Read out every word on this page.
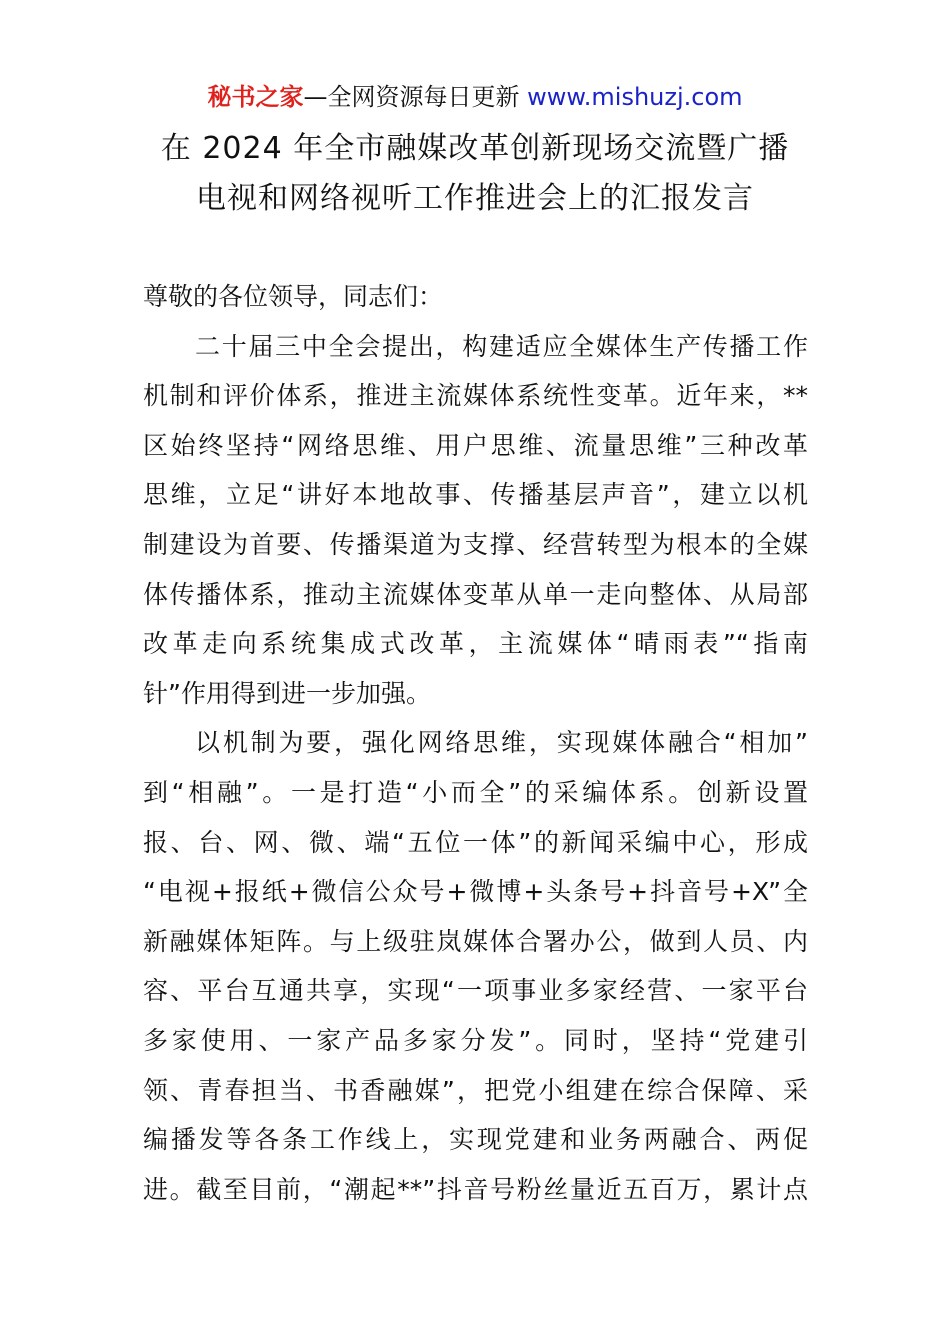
秘书之家—全网资源每日更新 www.mishuzj.com
在 2024 年全市融媒改革创新现场交流暨广播
电视和网络视听工作推进会上的汇报发言
尊敬的各位领导，同志们：
二十届三中全会提出，构建适应全媒体生产传播工作
机制和评价体系，推进主流媒体系统性变革。近年来，**
区始终坚持“网络思维、用户思维、流量思维”三种改革
思维，立足“讲好本地故事、传播基层声音”，建立以机
制建设为首要、传播渠道为支撑、经营转型为根本的全媒
体传播体系，推动主流媒体变革从单一走向整体、从局部
改革走向系统集成式改革，主流媒体“晴雨表”“指南
针”作用得到进一步加强。
以机制为要，强化网络思维，实现媒体融合“相加”
到“相融”。一是打造“小而全”的采编体系。创新设置
报、台、网、微、端“五位一体”的新闻采编中心，形成
“电视+报纸+微信公众号+微博+头条号+抖音号+X”全
新融媒体矩阵。与上级驻岚媒体合署办公，做到人员、内
容、平台互通共享，实现“一项事业多家经营、一家平台
多家使用、一家产品多家分发”。同时，坚持“党建引
领、青春担当、书香融媒”，把党小组建在综合保障、采
编播发等各条工作线上，实现党建和业务两融合、两促
进。截至目前，“潮起**”抖音号粉丝量近五百万，累计点
